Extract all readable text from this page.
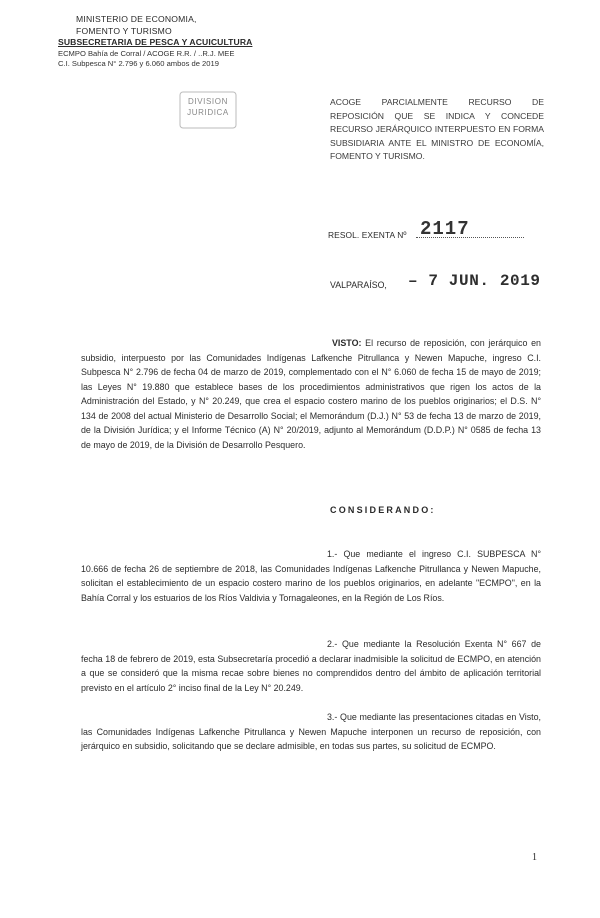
MINISTERIO DE ECONOMIA,
FOMENTO Y TURISMO
SUBSECRETARIA DE PESCA Y ACUICULTURA
ECMPO Bahía de Corral / ACOGE R.R. / ..R.J. MEE
C.I. Subpesca N° 2.796 y 6.060 ambos de 2019
DIVISION
JURIDICA
ACOGE PARCIALMENTE RECURSO DE REPOSICIÓN QUE SE INDICA Y CONCEDE RECURSO JERÁRQUICO INTERPUESTO EN FORMA SUBSIDIARIA ANTE EL MINISTRO DE ECONOMÍA, FOMENTO Y TURISMO.
RESOL. EXENTA Nº 2117
VALPARAÍSO, – 7 JUN. 2019

VISTO: El recurso de reposición, con jerárquico en subsidio, interpuesto por las Comunidades Indígenas Lafkenche Pitrullanca y Newen Mapuche, ingreso C.I. Subpesca N° 2.796 de fecha 04 de marzo de 2019, complementado con el N° 6.060 de fecha 15 de mayo de 2019; las Leyes N° 19.880 que establece bases de los procedimientos administrativos que rigen los actos de la Administración del Estado, y N° 20.249, que crea el espacio costero marino de los pueblos originarios; el D.S. N° 134 de 2008 del actual Ministerio de Desarrollo Social; el Memorándum (D.J.) N° 53 de fecha 13 de marzo de 2019, de la División Jurídica; y el Informe Técnico (A) N° 20/2019, adjunto al Memorándum (D.D.P.) N° 0585 de fecha 13 de mayo de 2019, de la División de Desarrollo Pesquero.

CONSIDERANDO:

1.- Que mediante el ingreso C.I. SUBPESCA N° 10.666 de fecha 26 de septiembre de 2018, las Comunidades Indígenas Lafkenche Pitrullanca y Newen Mapuche, solicitan el establecimiento de un espacio costero marino de los pueblos originarios, en adelante "ECMPO", en la Bahía Corral y los estuarios de los Ríos Valdivia y Tornagaleones, en la Región de Los Ríos.

2.- Que mediante la Resolución Exenta N° 667 de fecha 18 de febrero de 2019, esta Subsecretaría procedió a declarar inadmisible la solicitud de ECMPO, en atención a que se consideró que la misma recae sobre bienes no comprendidos dentro del ámbito de aplicación territorial previsto en el artículo 2° inciso final de la Ley N° 20.249.

3.- Que mediante las presentaciones citadas en Visto, las Comunidades Indígenas Lafkenche Pitrullanca y Newen Mapuche interponen un recurso de reposición, con jerárquico en subsidio, solicitando que se declare admisible, en todas sus partes, su solicitud de ECMPO.

1
